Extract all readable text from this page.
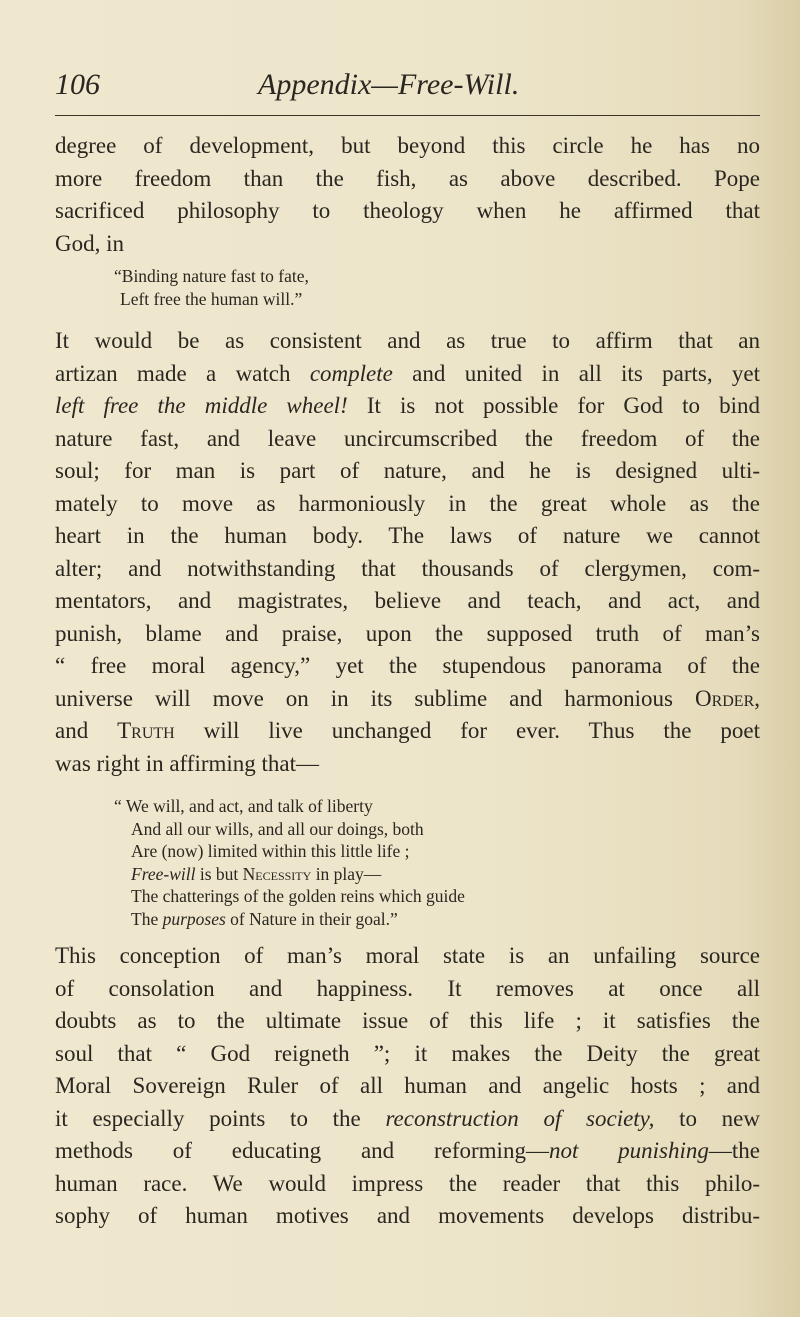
106	Appendix—Free-Will.

degree of development, but beyond this circle he has no
more freedom than the fish, as above described. Pope
sacrificed philosophy to theology when he affirmed that
God, in

“Binding nature fast to fate,
Left free the human will.”

It would be as consistent and as true to affirm that an
artizan made a watch complete and united in all its parts, yet
left free the middle wheel! It is not possible for God to bind
nature fast, and leave uncircumscribed the freedom of the
soul; for man is part of nature, and he is designed ulti-
mately to move as harmoniously in the great whole as the
heart in the human body. The laws of nature we cannot
alter; and notwithstanding that thousands of clergymen, com-
mentators, and magistrates, believe and teach, and act, and
punish, blame and praise, upon the supposed truth of man’s
“ free moral agency,” yet the stupendous panorama of the
universe will move on in its sublime and harmonious Order,
and Truth will live unchanged for ever. Thus the poet
was right in affirming that—

“ We will, and act, and talk of liberty
And all our wills, and all our doings, both
Are (now) limited within this little life ;
Free-will is but Necessity in play—
The chatterings of the golden reins which guide
The purposes of Nature in their goal.”

This conception of man’s moral state is an unfailing source
of consolation and happiness. It removes at once all
doubts as to the ultimate issue of this life ; it satisfies the
soul that “ God reigneth ”; it makes the Deity the great
Moral Sovereign Ruler of all human and angelic hosts ; and
it especially points to the reconstruction of society, to new
methods of educating and reforming—not punishing—the
human race. We would impress the reader that this philo-
sophy of human motives and movements develops distribu-
